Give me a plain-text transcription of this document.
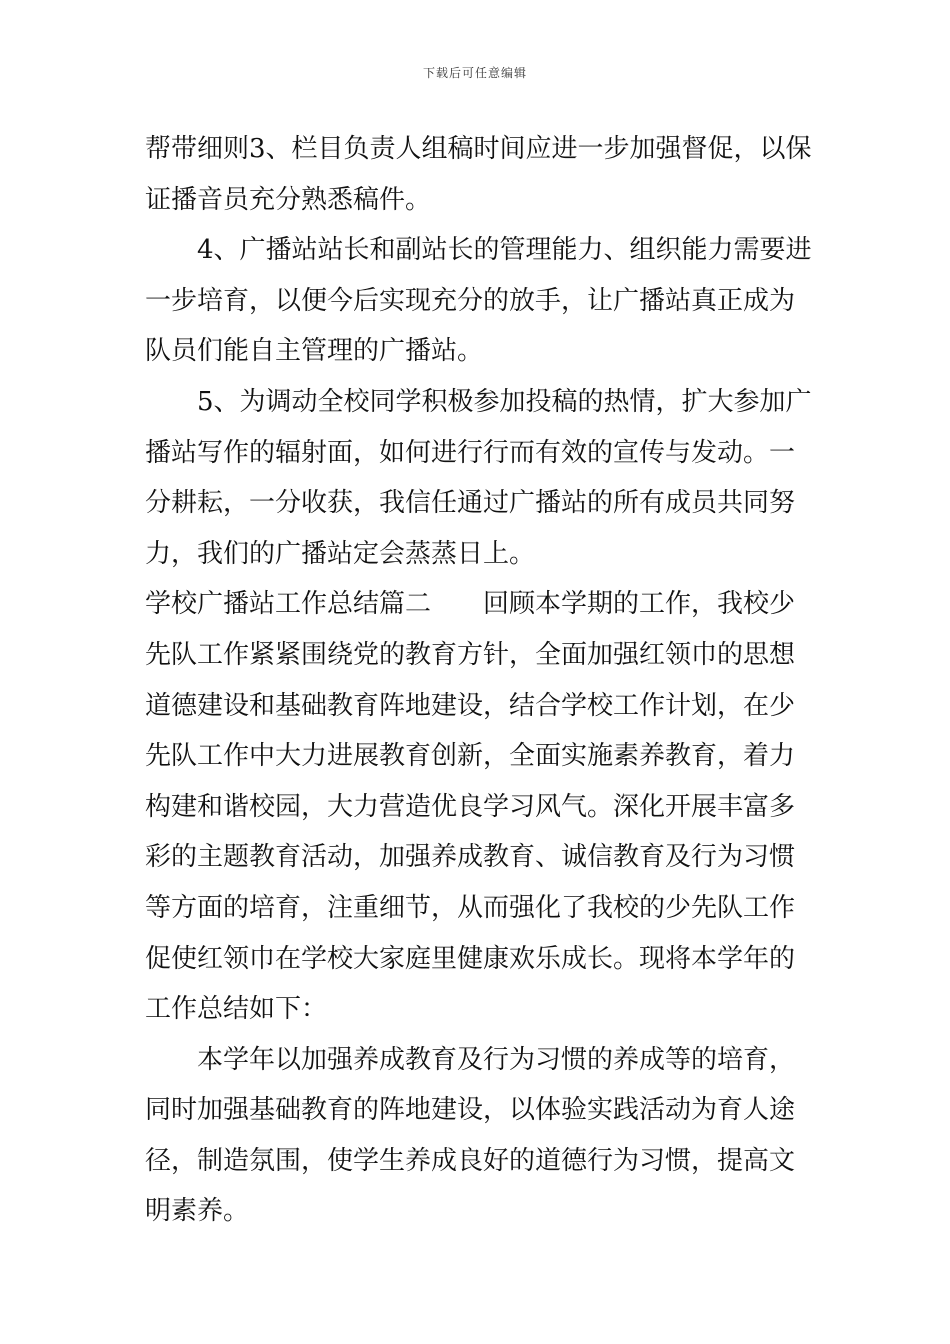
下载后可任意编辑
帮带细则3、栏目负责人组稿时间应进一步加强督促，以保
证播音员充分熟悉稿件。
4、广播站站长和副站长的管理能力、组织能力需要进
一步培育，以便今后实现充分的放手，让广播站真正成为
队员们能自主管理的广播站。
5、为调动全校同学积极参加投稿的热情，扩大参加广
播站写作的辐射面，如何进行行而有效的宣传与发动。一
分耕耘，一分收获，我信任通过广播站的所有成员共同努
力，我们的广播站定会蒸蒸日上。
学校广播站工作总结篇二　　回顾本学期的工作，我校少
先队工作紧紧围绕党的教育方针，全面加强红领巾的思想
道德建设和基础教育阵地建设，结合学校工作计划，在少
先队工作中大力进展教育创新，全面实施素养教育，着力
构建和谐校园，大力营造优良学习风气。深化开展丰富多
彩的主题教育活动，加强养成教育、诚信教育及行为习惯
等方面的培育，注重细节，从而强化了我校的少先队工作
促使红领巾在学校大家庭里健康欢乐成长。现将本学年的
工作总结如下：
本学年以加强养成教育及行为习惯的养成等的培育，
同时加强基础教育的阵地建设，以体验实践活动为育人途
径，制造氛围，使学生养成良好的道德行为习惯，提高文
明素养。
